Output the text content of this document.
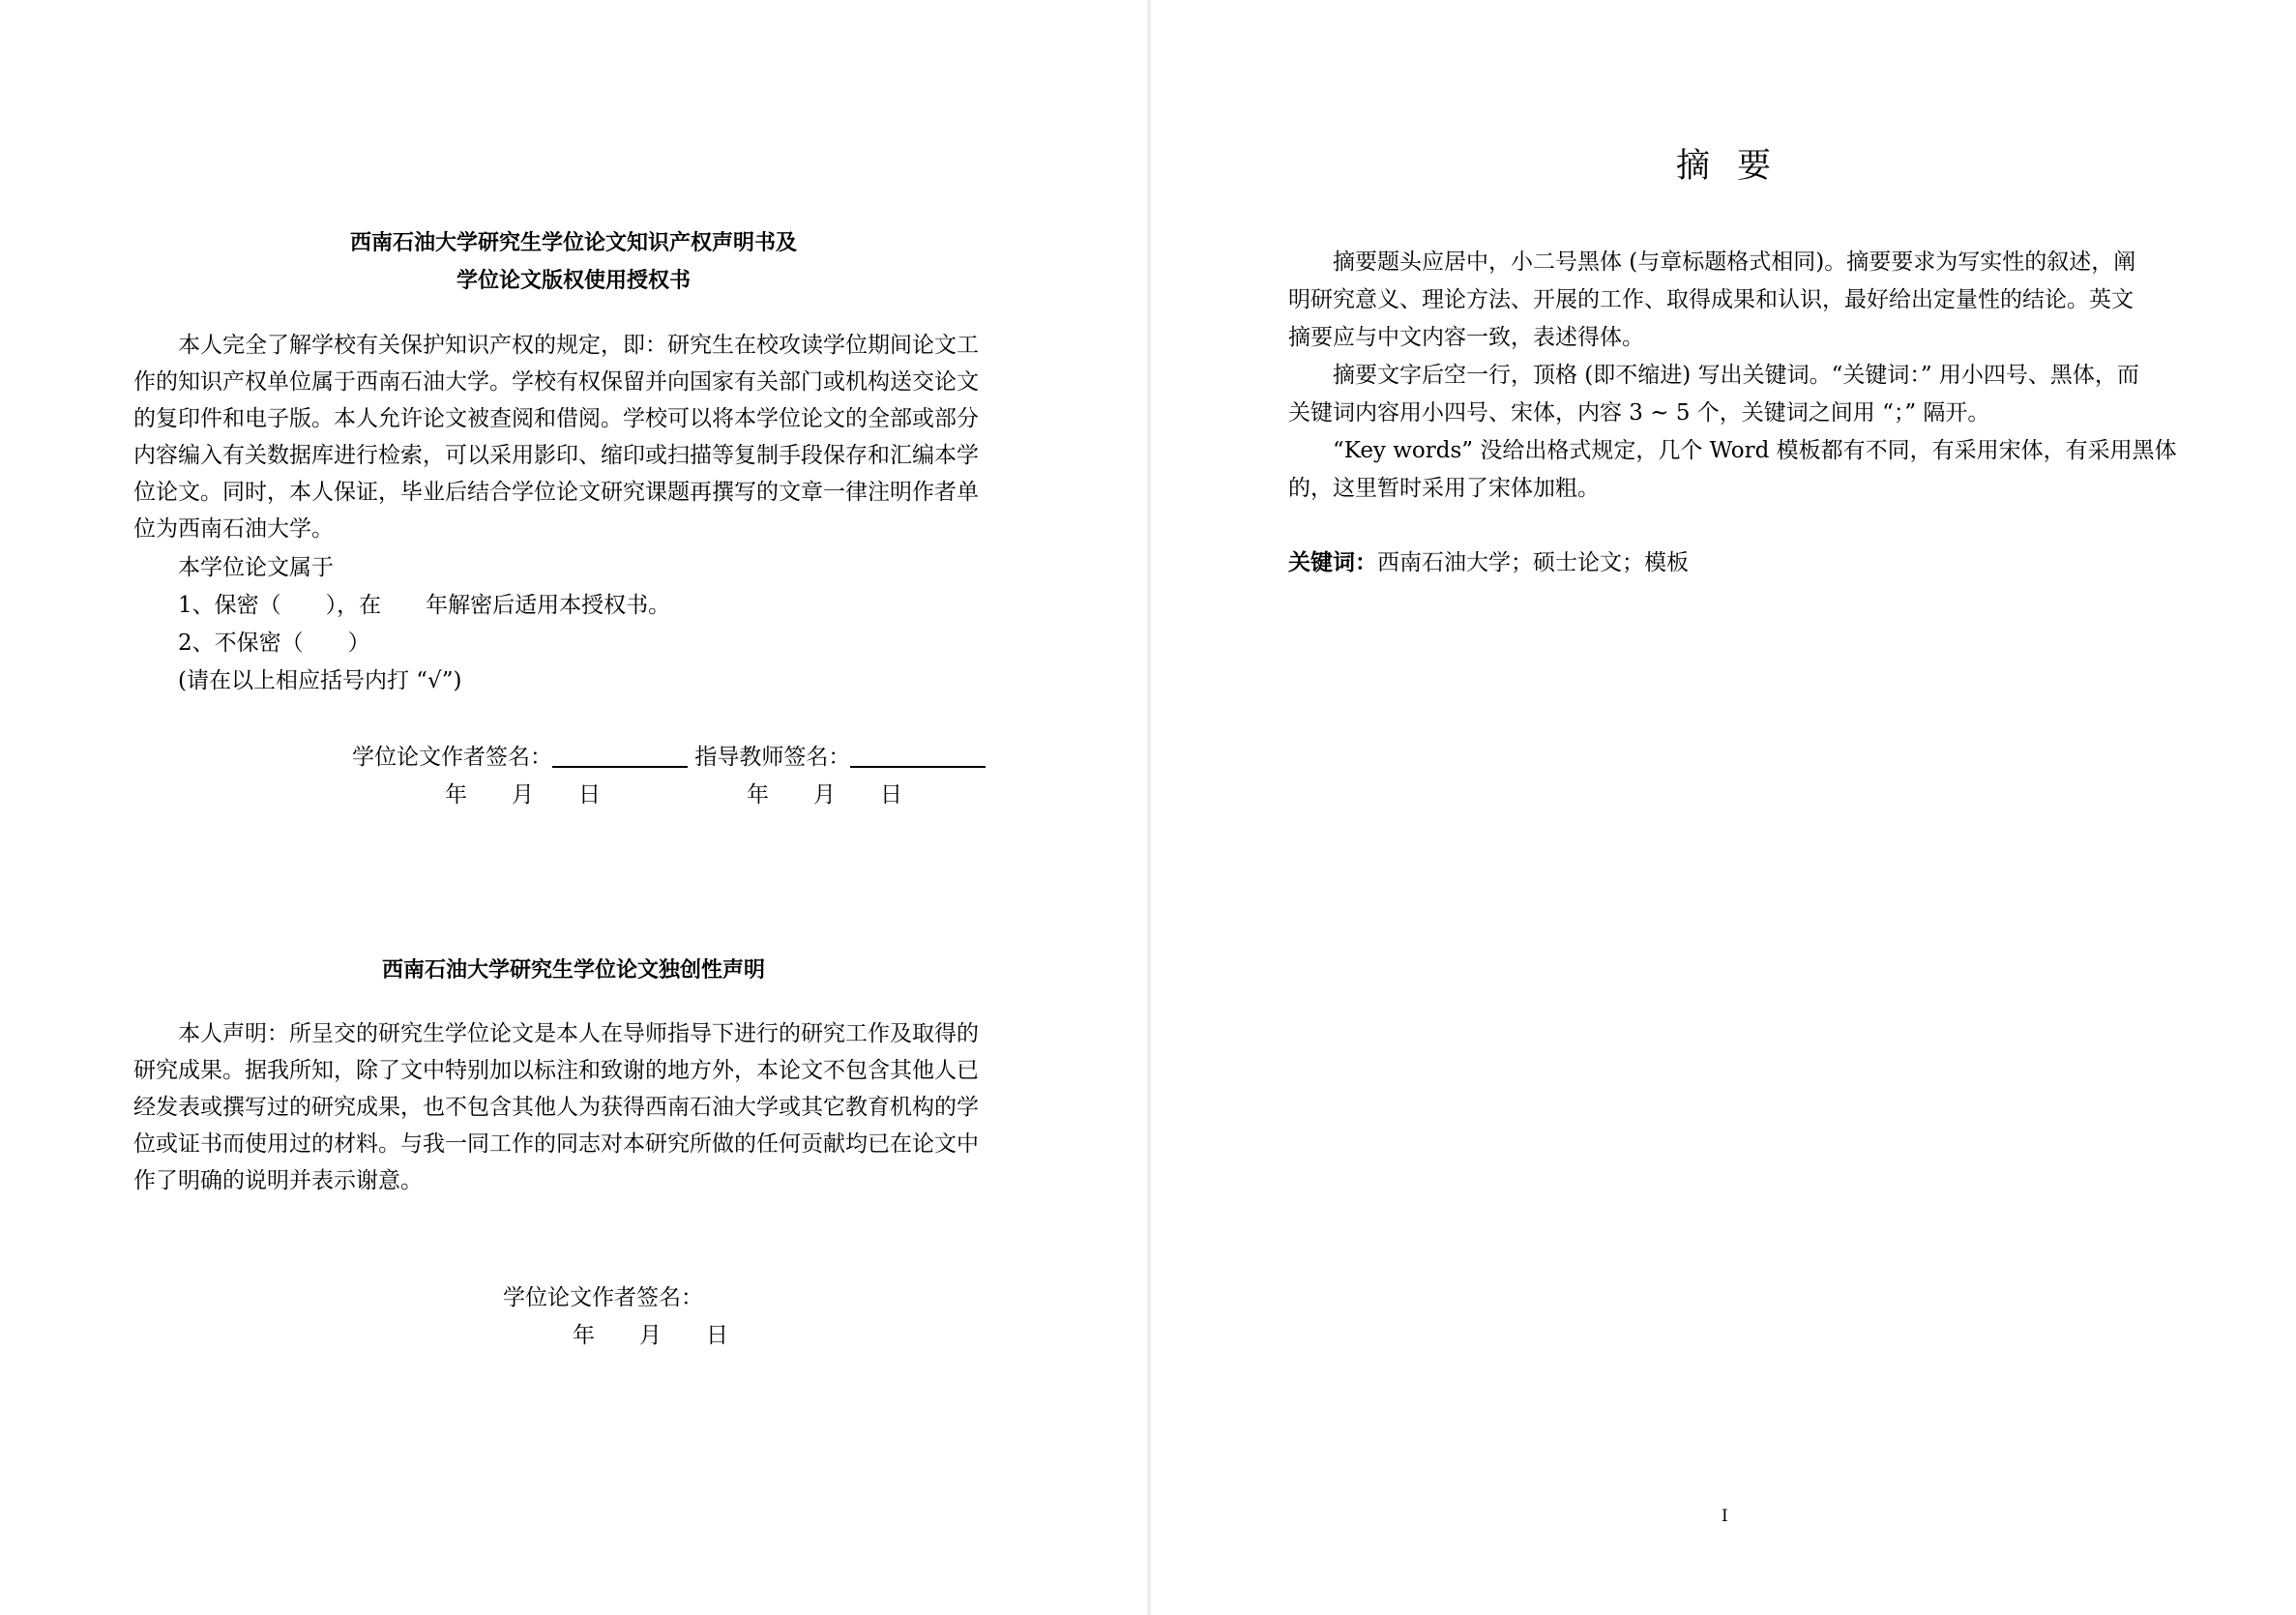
西南石油大学研究生学位论文知识产权声明书及
学位论文版权使用授权书
本人完全了解学校有关保护知识产权的规定，即：研究生在校攻读学位期间论文工
作的知识产权单位属于西南石油大学。学校有权保留并向国家有关部门或机构送交论文
的复印件和电子版。本人允许论文被查阅和借阅。学校可以将本学位论文的全部或部分
内容编入有关数据库进行检索，可以采用影印、缩印或扫描等复制手段保存和汇编本学
位论文。同时，本人保证，毕业后结合学位论文研究课题再撰写的文章一律注明作者单
位为西南石油大学。
本学位论文属于
1、保密（　　），在　　年解密后适用本授权书。
2、不保密（　　）
(请在以上相应括号内打 “√”)
学位论文作者签名：	指导教师签名：
年　　月　　日	年　　月　　日
西南石油大学研究生学位论文独创性声明
本人声明：所呈交的研究生学位论文是本人在导师指导下进行的研究工作及取得的
研究成果。据我所知，除了文中特别加以标注和致谢的地方外，本论文不包含其他人已
经发表或撰写过的研究成果，也不包含其他人为获得西南石油大学或其它教育机构的学
位或证书而使用过的材料。与我一同工作的同志对本研究所做的任何贡献均已在论文中
作了明确的说明并表示谢意。
学位论文作者签名：
年　　月　　日
摘要
摘要题头应居中，小二号黑体 (与章标题格式相同)。摘要要求为写实性的叙述，阐
明研究意义、理论方法、开展的工作、取得成果和认识，最好给出定量性的结论。英文
摘要应与中文内容一致，表述得体。
摘要文字后空一行，顶格 (即不缩进) 写出关键词。“关键词：” 用小四号、黑体，而
关键词内容用小四号、宋体，内容 3 ~ 5 个，关键词之间用 “；” 隔开。
“Key words” 没给出格式规定，几个 Word 模板都有不同，有采用宋体，有采用黑体
的，这里暂时采用了宋体加粗。
关键词：西南石油大学；硕士论文；模板
I
